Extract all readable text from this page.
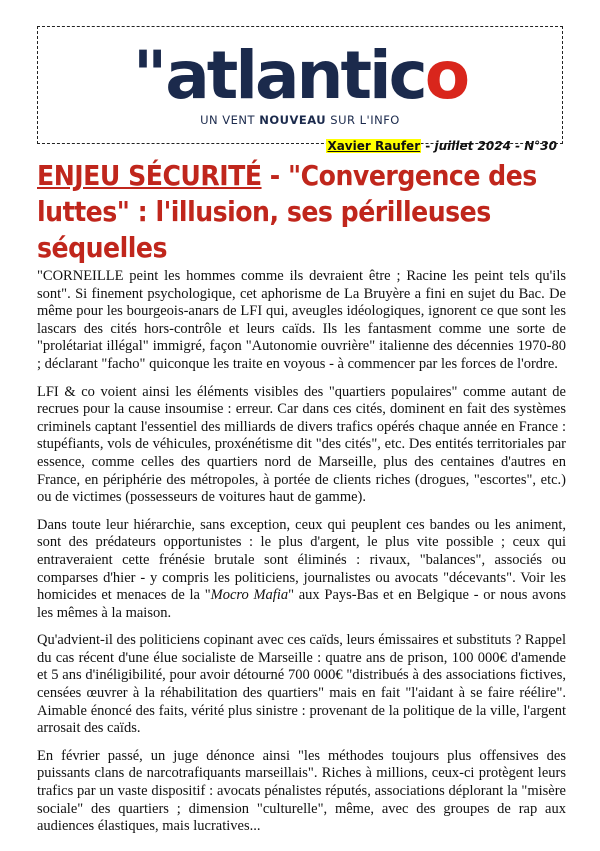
"atlantico
UN VENT NOUVEAU SUR L'INFO
Xavier Raufer - juillet 2024 - N°30
ENJEU SÉCURITÉ - "Convergence des luttes" : l'illusion, ses périlleuses séquelles

"CORNEILLE peint les hommes comme ils devraient être ; Racine les peint tels qu'ils sont". Si finement psychologique, cet aphorisme de La Bruyère a fini en sujet du Bac. De même pour les bourgeois-anars de LFI qui, aveugles idéologiques, ignorent ce que sont les lascars des cités hors-contrôle et leurs caïds. Ils les fantasment comme une sorte de "prolétariat illégal" immigré, façon "Autonomie ouvrière" italienne des décennies 1970-80 ; déclarant "facho" quiconque les traite en voyous - à commencer par les forces de l'ordre.

LFI & co voient ainsi les éléments visibles des "quartiers populaires" comme autant de recrues pour la cause insoumise : erreur. Car dans ces cités, dominent en fait des systèmes criminels captant l'essentiel des milliards de divers trafics opérés chaque année en France : stupéfiants, vols de véhicules, proxénétisme dit "des cités", etc. Des entités territoriales par essence, comme celles des quartiers nord de Marseille, plus des centaines d'autres en France, en périphérie des métropoles, à portée de clients riches (drogues, "escortes", etc.) ou de victimes (possesseurs de voitures haut de gamme).

Dans toute leur hiérarchie, sans exception, ceux qui peuplent ces bandes ou les animent, sont des prédateurs opportunistes : le plus d'argent, le plus vite possible ; ceux qui entraveraient cette frénésie brutale sont éliminés : rivaux, "balances", associés ou comparses d'hier - y compris les politiciens, journalistes ou avocats "décevants". Voir les homicides et menaces de la "Mocro Mafia" aux Pays-Bas et en Belgique - or nous avons les mêmes à la maison.

Qu'advient-il des politiciens copinant avec ces caïds, leurs émissaires et substituts ? Rappel du cas récent d'une élue socialiste de Marseille : quatre ans de prison, 100 000€ d'amende et 5 ans d'inéligibilité, pour avoir détourné 700 000€ "distribués à des associations fictives, censées œuvrer à la réhabilitation des quartiers" mais en fait "l'aidant à se faire réélire". Aimable énoncé des faits, vérité plus sinistre : provenant de la politique de la ville, l'argent arrosait des caïds.

En février passé, un juge dénonce ainsi "les méthodes toujours plus offensives des puissants clans de narcotrafiquants marseillais". Riches à millions, ceux-ci protègent leurs trafics par un vaste dispositif : avocats pénalistes réputés, associations déplorant la "misère sociale" des quartiers ; dimension "culturelle", même, avec des groupes de rap aux audiences élastiques, mais lucratives...
